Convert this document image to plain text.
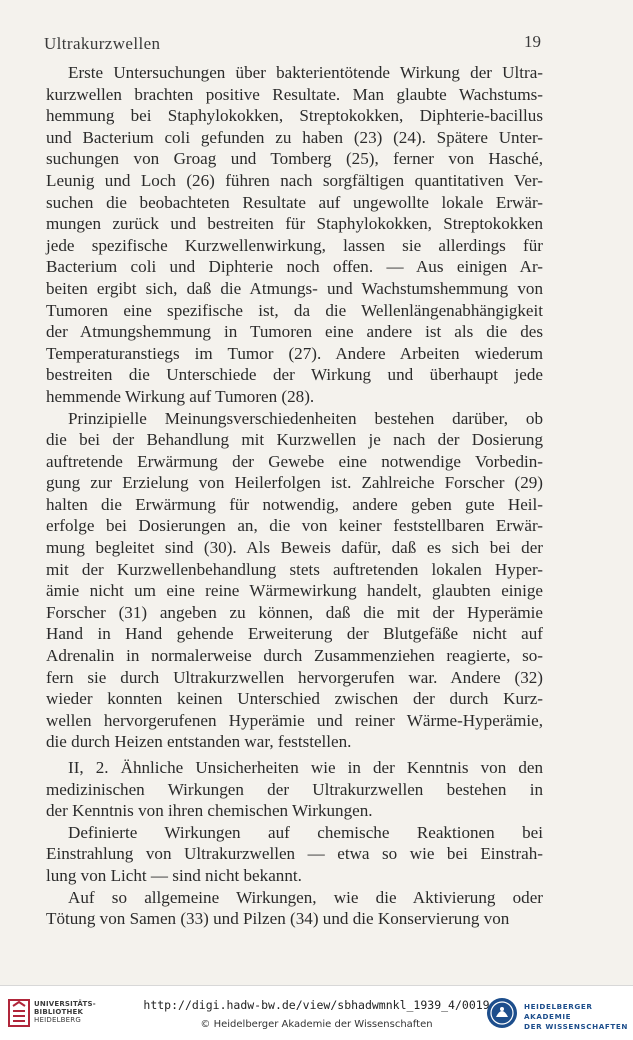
Ultrakurzwellen	19

Erste Untersuchungen über bakterientötende Wirkung der Ultra-
kurzwellen brachten positive Resultate. Man glaubte Wachstums-
hemmung bei Staphylokokken, Streptokokken, Diphterie-bacillus
und Bacterium coli gefunden zu haben (23) (24). Spätere Unter-
suchungen von Groag und Tomberg (25), ferner von Hasché,
Leunig und Loch (26) führen nach sorgfältigen quantitativen Ver-
suchen die beobachteten Resultate auf ungewollte lokale Erwär-
mungen zurück und bestreiten für Staphylokokken, Streptokokken
jede spezifische Kurzwellenwirkung, lassen sie allerdings für
Bacterium coli und Diphterie noch offen. — Aus einigen Ar-
beiten ergibt sich, daß die Atmungs- und Wachstumshemmung von
Tumoren eine spezifische ist, da die Wellenlängenabhängigkeit
der Atmungshemmung in Tumoren eine andere ist als die des
Temperaturanstiegs im Tumor (27). Andere Arbeiten wiederum
bestreiten die Unterschiede der Wirkung und überhaupt jede
hemmende Wirkung auf Tumoren (28).

Prinzipielle Meinungsverschiedenheiten bestehen darüber, ob
die bei der Behandlung mit Kurzwellen je nach der Dosierung
auftretende Erwärmung der Gewebe eine notwendige Vorbedin-
gung zur Erzielung von Heilerfolgen ist. Zahlreiche Forscher (29)
halten die Erwärmung für notwendig, andere geben gute Heil-
erfolge bei Dosierungen an, die von keiner feststellbaren Erwär-
mung begleitet sind (30). Als Beweis dafür, daß es sich bei der
mit der Kurzwellenbehandlung stets auftretenden lokalen Hyper-
ämie nicht um eine reine Wärmewirkung handelt, glaubten einige
Forscher (31) angeben zu können, daß die mit der Hyperämie
Hand in Hand gehende Erweiterung der Blutgefäße nicht auf
Adrenalin in normalerweise durch Zusammenziehen reagierte, so-
fern sie durch Ultrakurzwellen hervorgerufen war. Andere (32)
wieder konnten keinen Unterschied zwischen der durch Kurz-
wellen hervorgerufenen Hyperämie und reiner Wärme-Hyperämie,
die durch Heizen entstanden war, feststellen.

II, 2. Ähnliche Unsicherheiten wie in der Kenntnis von den
medizinischen Wirkungen der Ultrakurzwellen bestehen in
der Kenntnis von ihren chemischen Wirkungen.

Definierte Wirkungen auf chemische Reaktionen bei
Einstrahlung von Ultrakurzwellen — etwa so wie bei Einstrah-
lung von Licht — sind nicht bekannt.

Auf so allgemeine Wirkungen, wie die Aktivierung oder
Tötung von Samen (33) und Pilzen (34) und die Konservierung von

UNIVERSITÄTS-
BIBLIOTHEK
HEIDELBERG
http://digi.hadw-bw.de/view/sbhadwmnkl_1939_4/0019
© Heidelberger Akademie der Wissenschaften
HEIDELBERGER AKADEMIE
DER WISSENSCHAFTEN
